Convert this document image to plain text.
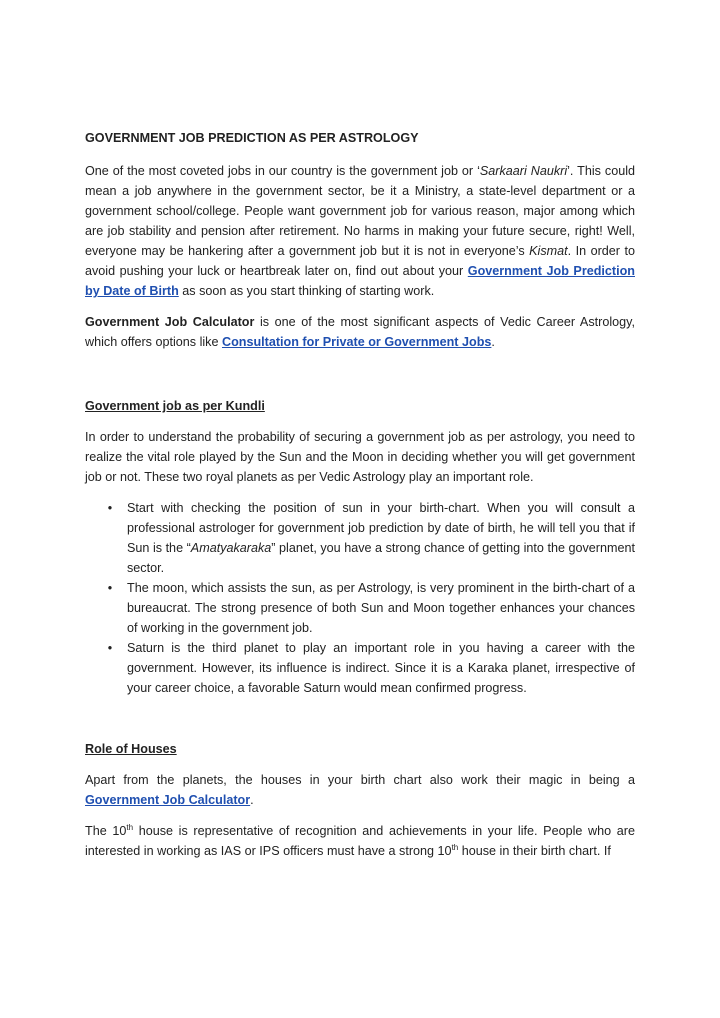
GOVERNMENT JOB PREDICTION AS PER ASTROLOGY

One of the most coveted jobs in our country is the government job or ‘Sarkaari Naukri’. This could mean a job anywhere in the government sector, be it a Ministry, a state-level department or a government school/college. People want government job for various reason, major among which are job stability and pension after retirement. No harms in making your future secure, right! Well, everyone may be hankering after a government job but it is not in everyone’s Kismat. In order to avoid pushing your luck or heartbreak later on, find out about your Government Job Prediction by Date of Birth as soon as you start thinking of starting work.

Government Job Calculator is one of the most significant aspects of Vedic Career Astrology, which offers options like Consultation for Private or Government Jobs.

Government job as per Kundli

In order to understand the probability of securing a government job as per astrology, you need to realize the vital role played by the Sun and the Moon in deciding whether you will get government job or not. These two royal planets as per Vedic Astrology play an important role.

• Start with checking the position of sun in your birth-chart. When you will consult a professional astrologer for government job prediction by date of birth, he will tell you that if Sun is the “Amatyakaraka” planet, you have a strong chance of getting into the government sector.
• The moon, which assists the sun, as per Astrology, is very prominent in the birth-chart of a bureaucrat. The strong presence of both Sun and Moon together enhances your chances of working in the government job.
• Saturn is the third planet to play an important role in you having a career with the government. However, its influence is indirect. Since it is a Karaka planet, irrespective of your career choice, a favorable Saturn would mean confirmed progress.
Role of Houses

Apart from the planets, the houses in your birth chart also work their magic in being a Government Job Calculator.

The 10th house is representative of recognition and achievements in your life. People who are interested in working as IAS or IPS officers must have a strong 10th house in their birth chart. If
